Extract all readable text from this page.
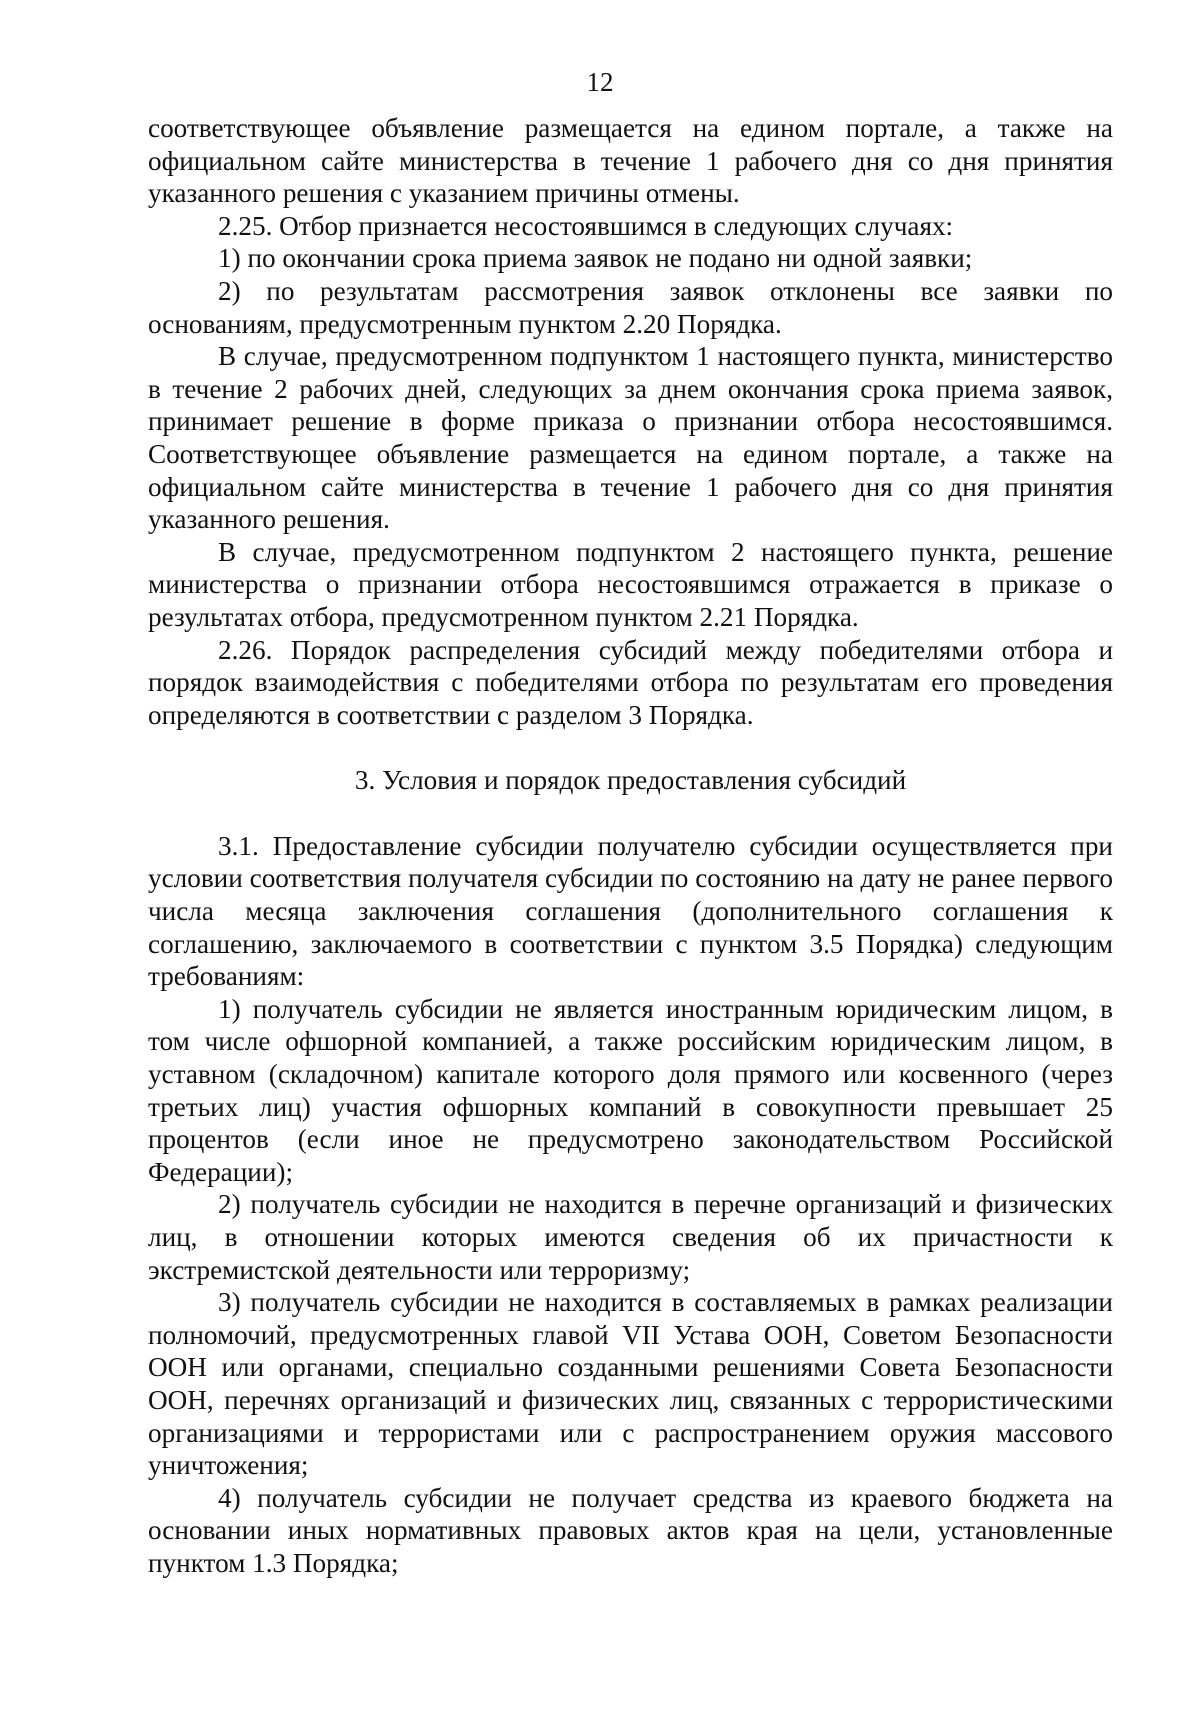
12

соответствующее объявление размещается на едином портале, а также на официальном сайте министерства в течение 1 рабочего дня со дня принятия указанного решения с указанием причины отмены.

2.25. Отбор признается несостоявшимся в следующих случаях:

1) по окончании срока приема заявок не подано ни одной заявки;

2) по результатам рассмотрения заявок отклонены все заявки по основаниям, предусмотренным пунктом 2.20 Порядка.

В случае, предусмотренном подпунктом 1 настоящего пункта, министерство в течение 2 рабочих дней, следующих за днем окончания срока приема заявок, принимает решение в форме приказа о признании отбора несостоявшимся. Соответствующее объявление размещается на едином портале, а также на официальном сайте министерства в течение 1 рабочего дня со дня принятия указанного решения.

В случае, предусмотренном подпунктом 2 настоящего пункта, решение министерства о признании отбора несостоявшимся отражается в приказе о результатах отбора, предусмотренном пунктом 2.21 Порядка.

2.26. Порядок распределения субсидий между победителями отбора и порядок взаимодействия с победителями отбора по результатам его проведения определяются в соответствии с разделом 3 Порядка.

3. Условия и порядок предоставления субсидий

3.1. Предоставление субсидии получателю субсидии осуществляется при условии соответствия получателя субсидии по состоянию на дату не ранее первого числа месяца заключения соглашения (дополнительного соглашения к соглашению, заключаемого в соответствии с пунктом 3.5 Порядка) следующим требованиям:

1) получатель субсидии не является иностранным юридическим лицом, в том числе офшорной компанией, а также российским юридическим лицом, в уставном (складочном) капитале которого доля прямого или косвенного (через третьих лиц) участия офшорных компаний в совокупности превышает 25 процентов (если иное не предусмотрено законодательством Российской Федерации);

2) получатель субсидии не находится в перечне организаций и физических лиц, в отношении которых имеются сведения об их причастности к экстремистской деятельности или терроризму;

3) получатель субсидии не находится в составляемых в рамках реализации полномочий, предусмотренных главой VII Устава ООН, Советом Безопасности ООН или органами, специально созданными решениями Совета Безопасности ООН, перечнях организаций и физических лиц, связанных с террористическими организациями и террористами или с распространением оружия массового уничтожения;

4) получатель субсидии не получает средства из краевого бюджета на основании иных нормативных правовых актов края на цели, установленные пунктом 1.3 Порядка;
